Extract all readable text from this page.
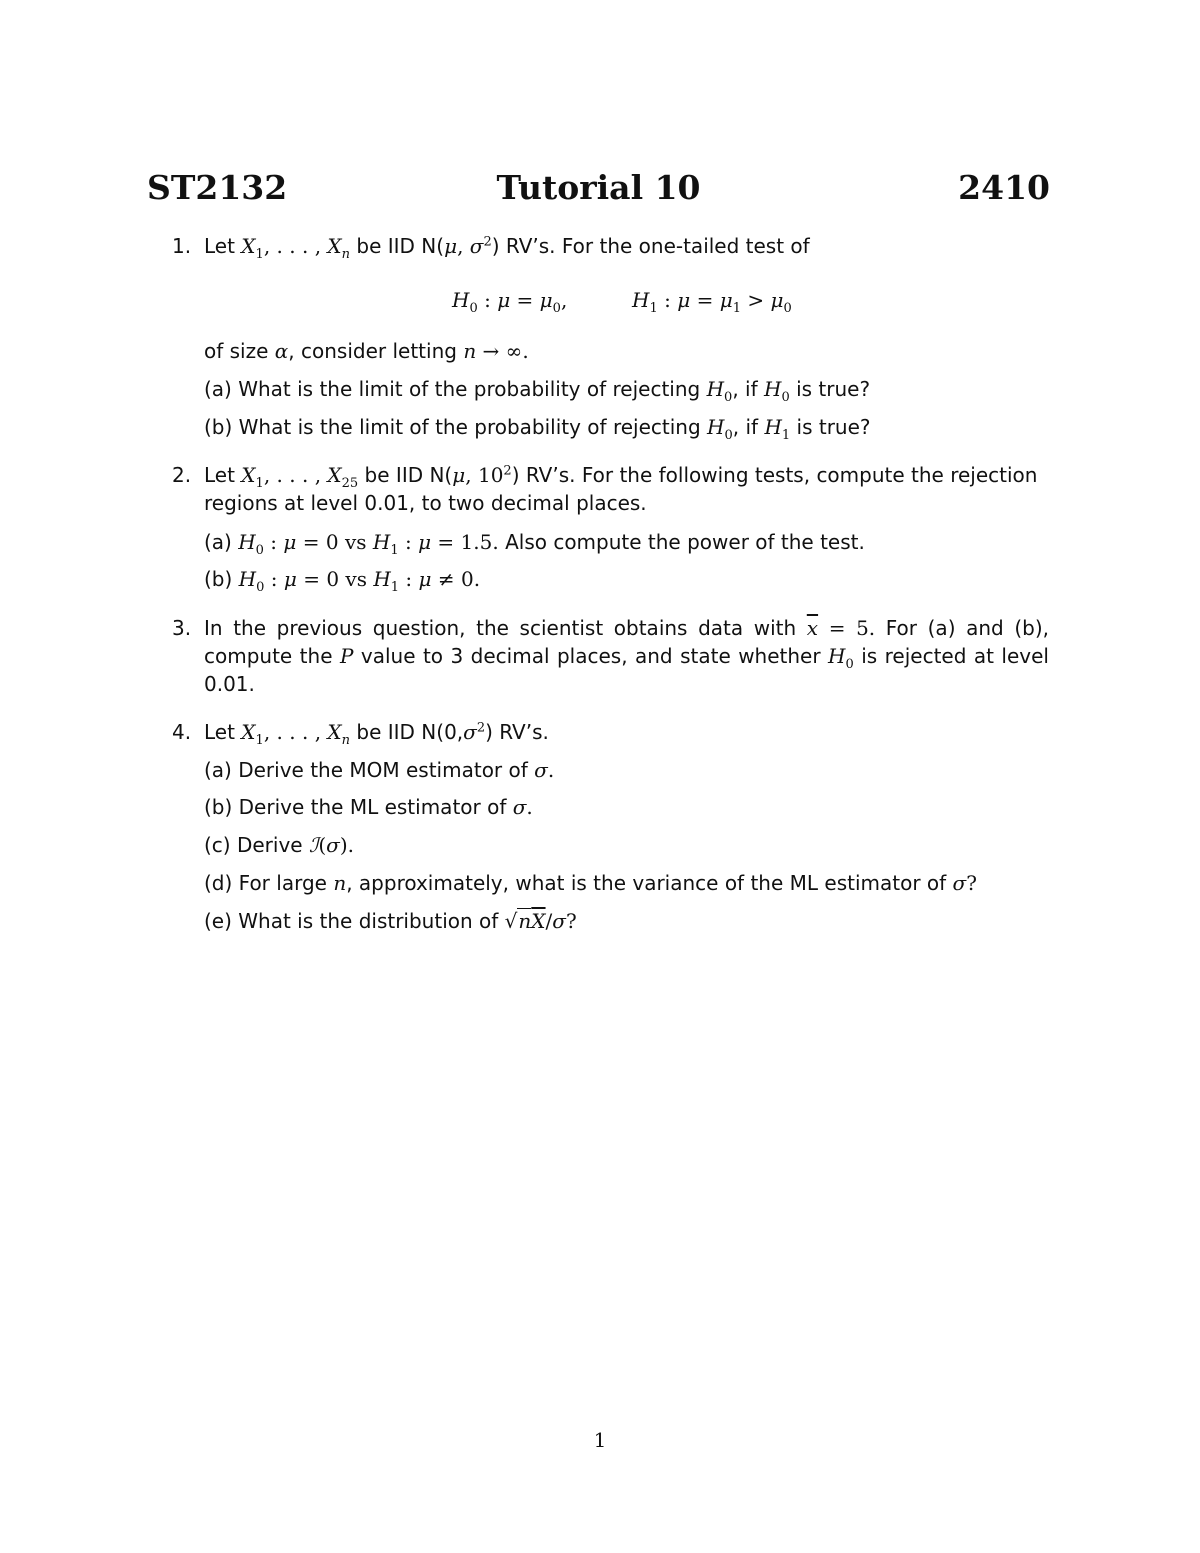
ST2132	Tutorial 10	2410
1. Let $X_1$, . . . , $X_n$ be IID N(μ, $\sigma^2$) RV’s. For the one-tailed test of
$H_0$ : $\mu = \mu_0$,	$H_1$ : $\mu = \mu_1 > \mu_0$
of size α, consider letting n → ∞.
(a) What is the limit of the probability of rejecting $H_0$, if $H_0$ is true?
(b) What is the limit of the probability of rejecting $H_0$, if $H_1$ is true?
2. Let $X_1$, . . . , $X_{25}$ be IID N(μ, $10^2$) RV’s. For the following tests, compute the rejection
regions at level 0.01, to two decimal places.
(a) $H_0$ : μ = 0 vs $H_1$ : μ = 1.5. Also compute the power of the test.
(b) $H_0$ : μ = 0 vs $H_1$ : μ ≠ 0.
3. In the previous question, the scientist obtains data with $\overline{x} = 5$. For (a) and (b),
compute the P value to 3 decimal places, and state whether $H_0$ is rejected at level
0.01.
4. Let $X_1$, . . . , $X_n$ be IID $N(0,\sigma^2)$ RV’s.
(a) Derive the MOM estimator of σ.
(b) Derive the ML estimator of σ.
(c) Derive ℐ(σ).
(d) For large n, approximately, what is the variance of the ML estimator of σ?
(e) What is the distribution of $√n\overline{X}/\sigma$?
1
